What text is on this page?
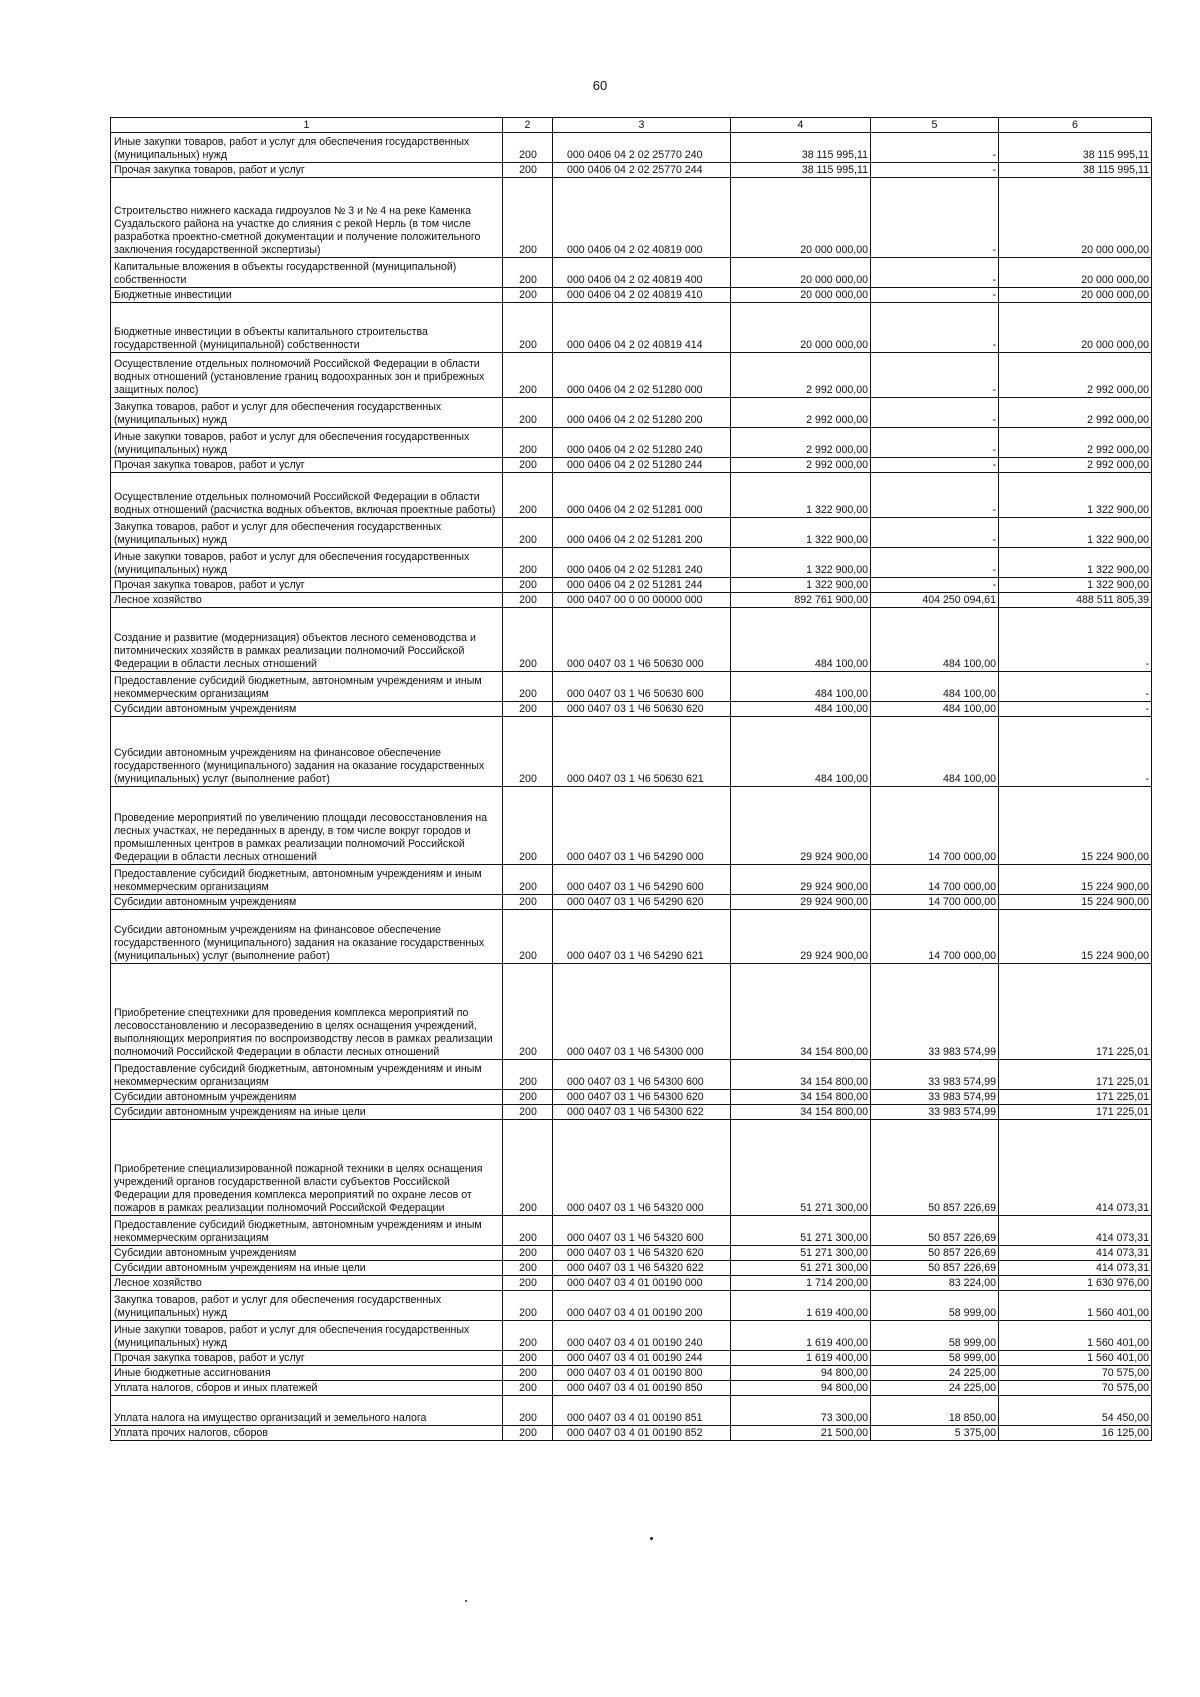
60
1	2	3	4	5	6
Иные закупки товаров, работ и услуг для обеспечения государственных (муниципальных) нужд	200	000 0406 04 2 02 25770 240	38 115 995,11	-	38 115 995,11
Прочая закупка товаров, работ и услуг	200	000 0406 04 2 02 25770 244	38 115 995,11	-	38 115 995,11
Строительство нижнего каскада гидроузлов № 3 и № 4 на реке Каменка Суздальского района на участке до слияния с рекой Нерль (в том числе разработка проектно-сметной документации и получение положительного заключения государственной экспертизы)	200	000 0406 04 2 02 40819 000	20 000 000,00	-	20 000 000,00
Капитальные вложения в объекты государственной (муниципальной) собственности	200	000 0406 04 2 02 40819 400	20 000 000,00	-	20 000 000,00
Бюджетные инвестиции	200	000 0406 04 2 02 40819 410	20 000 000,00	-	20 000 000,00
Бюджетные инвестиции в объекты капитального строительства государственной (муниципальной) собственности	200	000 0406 04 2 02 40819 414	20 000 000,00	-	20 000 000,00
Осуществление отдельных полномочий Российской Федерации в области водных отношений (установление границ водоохранных зон и прибрежных защитных полос)	200	000 0406 04 2 02 51280 000	2 992 000,00	-	2 992 000,00
Закупка товаров, работ и услуг для обеспечения государственных (муниципальных) нужд	200	000 0406 04 2 02 51280 200	2 992 000,00	-	2 992 000,00
Иные закупки товаров, работ и услуг для обеспечения государственных (муниципальных) нужд	200	000 0406 04 2 02 51280 240	2 992 000,00	-	2 992 000,00
Прочая закупка товаров, работ и услуг	200	000 0406 04 2 02 51280 244	2 992 000,00	-	2 992 000,00
Осуществление отдельных полномочий Российской Федерации в области водных отношений (расчистка водных объектов, включая проектные работы)	200	000 0406 04 2 02 51281 000	1 322 900,00	-	1 322 900,00
Закупка товаров, работ и услуг для обеспечения государственных (муниципальных) нужд	200	000 0406 04 2 02 51281 200	1 322 900,00	-	1 322 900,00
Иные закупки товаров, работ и услуг для обеспечения государственных (муниципальных) нужд	200	000 0406 04 2 02 51281 240	1 322 900,00	-	1 322 900,00
Прочая закупка товаров, работ и услуг	200	000 0406 04 2 02 51281 244	1 322 900,00	-	1 322 900,00
Лесное хозяйство	200	000 0407 00 0 00 00000 000	892 761 900,00	404 250 094,61	488 511 805,39
Создание и развитие (модернизация) объектов лесного семеноводства и питомнических хозяйств в рамках реализации полномочий Российской Федерации в области лесных отношений	200	000 0407 03 1 Ч6 50630 000	484 100,00	484 100,00	-
Предоставление субсидий бюджетным, автономным учреждениям и иным некоммерческим организациям	200	000 0407 03 1 Ч6 50630 600	484 100,00	484 100,00	-
Субсидии автономным учреждениям	200	000 0407 03 1 Ч6 50630 620	484 100,00	484 100,00	-
Субсидии автономным учреждениям на финансовое обеспечение государственного (муниципального) задания на оказание государственных (муниципальных) услуг (выполнение работ)	200	000 0407 03 1 Ч6 50630 621	484 100,00	484 100,00	-
Проведение мероприятий по увеличению площади лесовосстановления на лесных участках, не переданных в аренду, в том числе вокруг городов и промышленных центров в рамках реализации полномочий Российской Федерации в области лесных отношений	200	000 0407 03 1 Ч6 54290 000	29 924 900,00	14 700 000,00	15 224 900,00
Предоставление субсидий бюджетным, автономным учреждениям и иным некоммерческим организациям	200	000 0407 03 1 Ч6 54290 600	29 924 900,00	14 700 000,00	15 224 900,00
Субсидии автономным учреждениям	200	000 0407 03 1 Ч6 54290 620	29 924 900,00	14 700 000,00	15 224 900,00
Субсидии автономным учреждениям на финансовое обеспечение государственного (муниципального) задания на оказание государственных (муниципальных) услуг (выполнение работ)	200	000 0407 03 1 Ч6 54290 621	29 924 900,00	14 700 000,00	15 224 900,00
Приобретение спецтехники для проведения комплекса мероприятий по лесовосстановлению и лесоразведению в целях оснащения учреждений, выполняющих мероприятия по воспроизводству лесов в рамках реализации полномочий Российской Федерации в области лесных отношений	200	000 0407 03 1 Ч6 54300 000	34 154 800,00	33 983 574,99	171 225,01
Предоставление субсидий бюджетным, автономным учреждениям и иным некоммерческим организациям	200	000 0407 03 1 Ч6 54300 600	34 154 800,00	33 983 574,99	171 225,01
Субсидии автономным учреждениям	200	000 0407 03 1 Ч6 54300 620	34 154 800,00	33 983 574,99	171 225,01
Субсидии автономным учреждениям на иные цели	200	000 0407 03 1 Ч6 54300 622	34 154 800,00	33 983 574,99	171 225,01
Приобретение специализированной пожарной техники в целях оснащения учреждений органов государственной власти субъектов Российской Федерации для проведения комплекса мероприятий по охране лесов от пожаров в рамках реализации полномочий Российской Федерации	200	000 0407 03 1 Ч6 54320 000	51 271 300,00	50 857 226,69	414 073,31
Предоставление субсидий бюджетным, автономным учреждениям и иным некоммерческим организациям	200	000 0407 03 1 Ч6 54320 600	51 271 300,00	50 857 226,69	414 073,31
Субсидии автономным учреждениям	200	000 0407 03 1 Ч6 54320 620	51 271 300,00	50 857 226,69	414 073,31
Субсидии автономным учреждениям на иные цели	200	000 0407 03 1 Ч6 54320 622	51 271 300,00	50 857 226,69	414 073,31
Лесное хозяйство	200	000 0407 03 4 01 00190 000	1 714 200,00	83 224,00	1 630 976,00
Закупка товаров, работ и услуг для обеспечения государственных (муниципальных) нужд	200	000 0407 03 4 01 00190 200	1 619 400,00	58 999,00	1 560 401,00
Иные закупки товаров, работ и услуг для обеспечения государственных (муниципальных) нужд	200	000 0407 03 4 01 00190 240	1 619 400,00	58 999,00	1 560 401,00
Прочая закупка товаров, работ и услуг	200	000 0407 03 4 01 00190 244	1 619 400,00	58 999,00	1 560 401,00
Иные бюджетные ассигнования	200	000 0407 03 4 01 00190 800	94 800,00	24 225,00	70 575,00
Уплата налогов, сборов и иных платежей	200	000 0407 03 4 01 00190 850	94 800,00	24 225,00	70 575,00
Уплата налога на имущество организаций и земельного налога	200	000 0407 03 4 01 00190 851	73 300,00	18 850,00	54 450,00
Уплата прочих налогов, сборов	200	000 0407 03 4 01 00190 852	21 500,00	5 375,00	16 125,00
